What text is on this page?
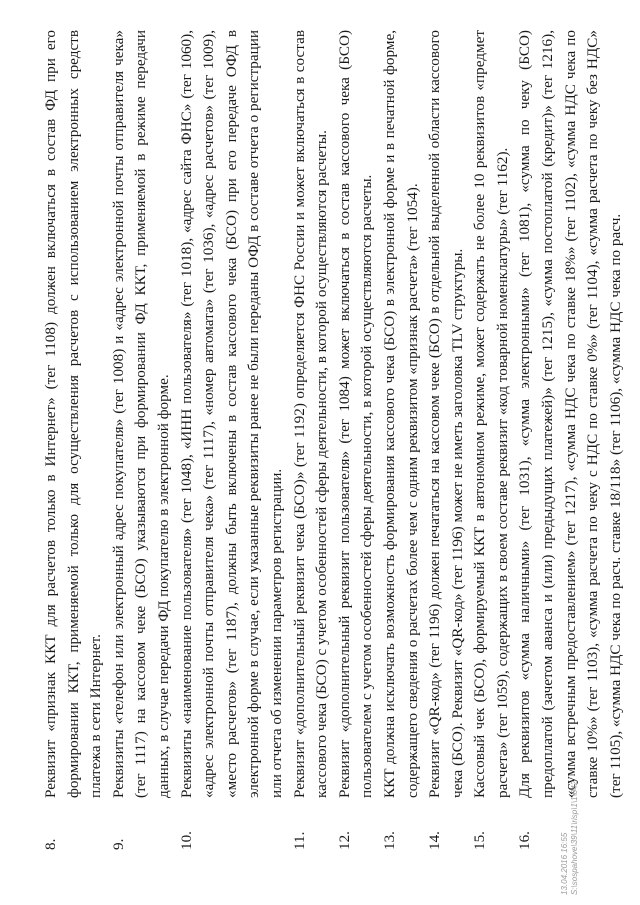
8.
Реквизит «признак ККТ для расчетов только в Интернет» (тег 1108) должен включаться в состав ФД при его формировании ККТ, применяемой только для осуществления расчетов с использованием электронных средств платежа в сети Интернет.
9.
Реквизиты «телефон или электронный адрес покупателя» (тег 1008) и «адрес электронной почты отправителя чека» (тег 1117) на кассовом чеке (БСО) указываются при формировании ФД ККТ, применяемой в режиме передачи данных, в случае передачи ФД покупателю в электронной форме.
10.
Реквизиты «наименование пользователя» (тег 1048), «ИНН пользователя» (тег 1018), «адрес сайта ФНС» (тег 1060), «адрес электронной почты отправителя чека» (тег 1117), «номер автомата» (тег 1036), «адрес расчетов» (тег 1009), «место расчетов» (тег 1187), должны быть включены в состав кассового чека (БСО) при его передаче ОФД в электронной форме в случае, если указанные реквизиты ранее не были переданы ОФД в составе отчета о регистрации или отчета об изменении параметров регистрации.
11.
Реквизит «дополнительный реквизит чека (БСО)» (тег 1192) определяется ФНС России и может включаться в состав кассового чека (БСО) с учетом особенностей сферы деятельности, в которой осуществляются расчеты.
12.
Реквизит «дополнительный реквизит пользователя» (тег 1084) может включаться в состав кассового чека (БСО) пользователем с учетом особенностей сферы деятельности, в которой осуществляются расчеты.
13.
ККТ должна исключать возможность формирования кассового чека (БСО) в электронной форме и в печатной форме, содержащего сведения о расчетах более чем с одним реквизитом «признак расчета» (тег 1054).
14.
Реквизит «QR-код» (тег 1196) должен печататься на кассовом чеке (БСО) в отдельной выделенной области кассового чека (БСО). Реквизит «QR-код» (тег 1196) может не иметь заголовка TLV структуры.
15.
Кассовый чек (БСО), формируемый ККТ в автономном режиме, может содержать не более 10 реквизитов «предмет расчета» (тег 1059), содержащих в своем составе реквизит «код товарной номенклатуры» (тег 1162).
16.
Для реквизитов «сумма наличными» (тег 1031), «сумма электронными» (тег 1081), «сумма по чеку (БСО) предоплатой (зачетом аванса и (или) предыдущих платежей)» (тег 1215), «сумма постоплатой (кредит)» (тег 1216), «сумма встречным предоставлением» (тег 1217), «сумма НДС чека по ставке 18%» (тег 1102), «сумма НДС чека по ставке 10%» (тег 1103), «сумма расчета по чеку с НДС по ставке 0%» (тег 1104), «сумма расчета по чеку без НДС» (тег 1105), «сумма НДС чека по расч. ставке 18/118» (тег 1106), «сумма НДС чека по расч.
13.04.2016 16:55 S:\sospahove\39\11\risp\1\1\042
